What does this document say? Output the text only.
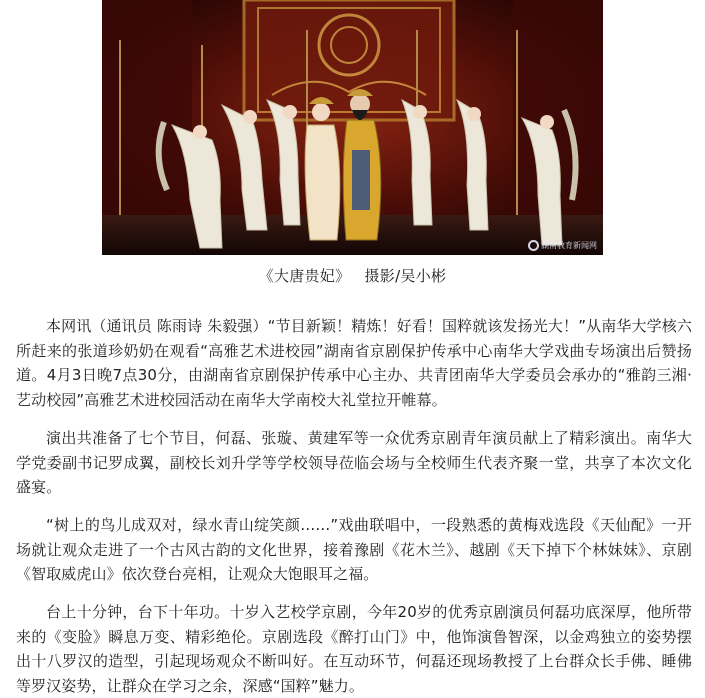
湖南教育新闻网
《大唐贵妃》 摄影/吴小彬

本网讯（通讯员 陈雨诗 朱毅强）“节目新颖！精炼！好看！国粹就该发扬光大！”从南华大学核六所赶来的张道珍奶奶在观看“高雅艺术进校园”湖南省京剧保护传承中心南华大学戏曲专场演出后赞扬道。4月3日晚7点30分，由湖南省京剧保护传承中心主办、共青团南华大学委员会承办的“雅韵三湘·艺动校园”高雅艺术进校园活动在南华大学南校大礼堂拉开帷幕。

演出共准备了七个节目，何磊、张璇、黄建军等一众优秀京剧青年演员献上了精彩演出。南华大学党委副书记罗成翼，副校长刘升学等学校领导莅临会场与全校师生代表齐聚一堂，共享了本次文化盛宴。

“树上的鸟儿成双对，绿水青山绽笑颜……”戏曲联唱中，一段熟悉的黄梅戏选段《天仙配》一开场就让观众走进了一个古风古韵的文化世界，接着豫剧《花木兰》、越剧《天下掉下个林妹妹》、京剧《智取威虎山》依次登台亮相，让观众大饱眼耳之福。

台上十分钟，台下十年功。十岁入艺校学京剧，今年20岁的优秀京剧演员何磊功底深厚，他所带来的《变脸》瞬息万变、精彩绝伦。京剧选段《醉打山门》中，他饰演鲁智深，以金鸡独立的姿势摆出十八罗汉的造型，引起现场观众不断叫好。在互动环节，何磊还现场教授了上台群众长手佛、睡佛等罗汉姿势，让群众在学习之余，深感“国粹”魅力。
